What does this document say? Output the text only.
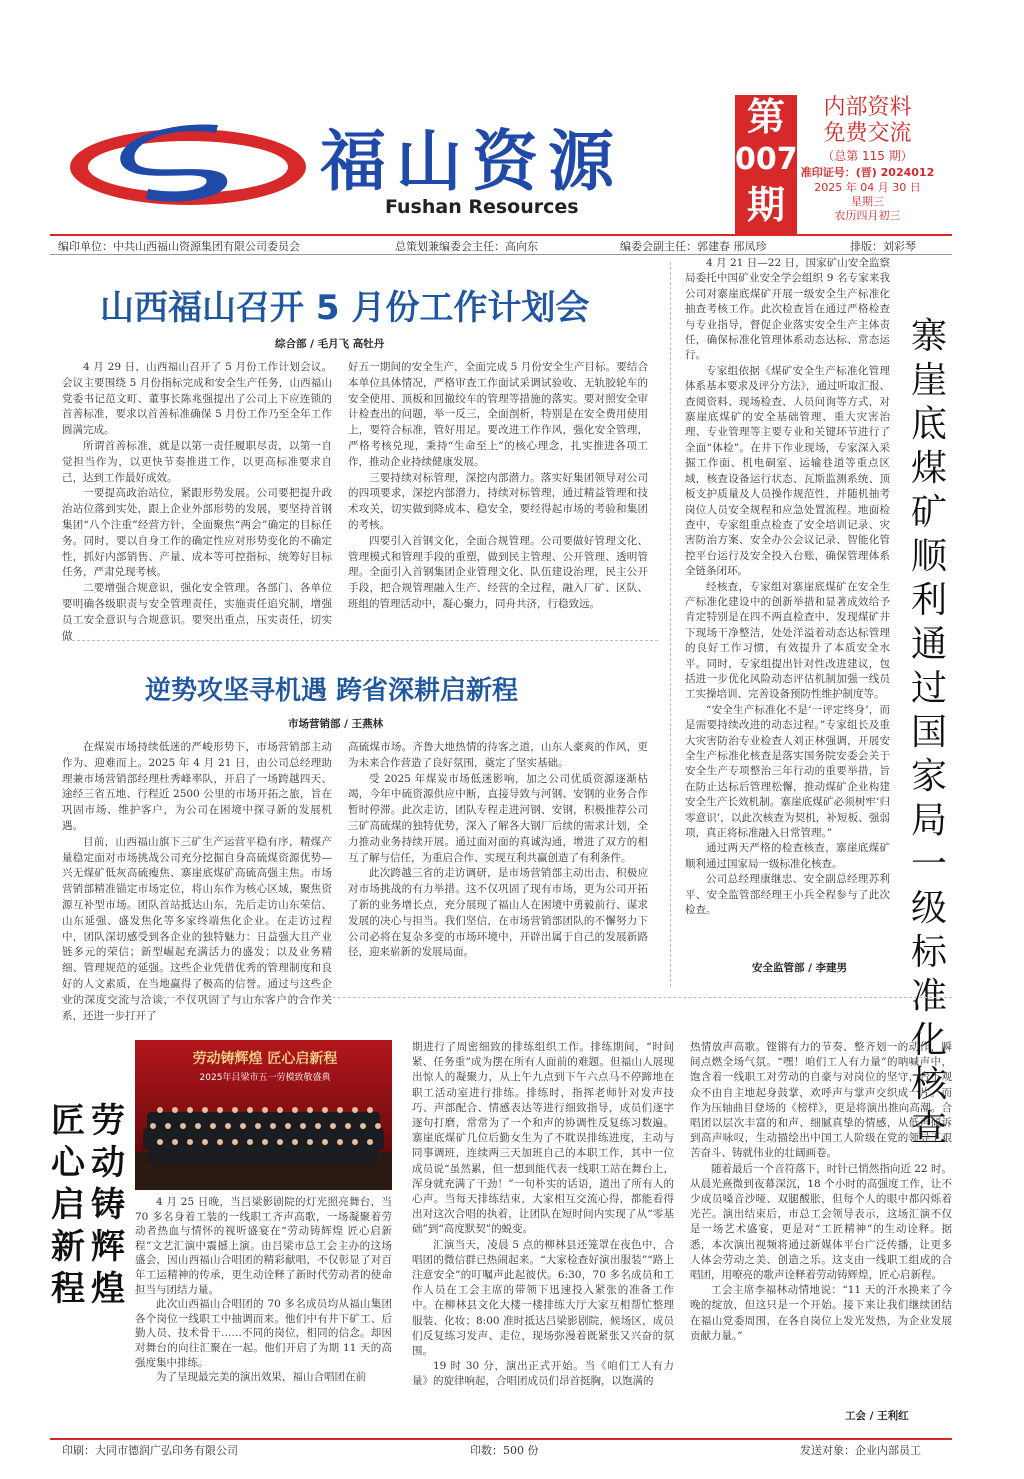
福山资源
Fushan Resources
第
007
期
内部资料
免费交流
（总第 115 期）
准印证号：(晋) 2024012
2025 年 04 月 30 日
星期三
农历四月初三
编印单位：中共山西福山资源集团有限公司委员会	总策划兼编委会主任：高向东	编委会副主任：郭建春 邢凤珍	排版：刘彩琴
山西福山召开 5 月份工作计划会
综合部 / 毛月飞 高牡丹

4 月 29 日，山西福山召开了 5 月份工作计划会议。会议主要围绕 5 月份指标完成和安全生产任务，山西福山党委书记范文町、董事长陈兆强提出了公司上下应连锁的首善标准，要求以首善标准确保 5 月份工作乃至全年工作圆满完成。

所谓首善标准，就是以第一责任履职尽责，以第一自觉担当作为，以更快节奏推进工作，以更高标准要求自己，达到工作最好成效。

一要提高政治站位，紧跟形势发展。公司要把提升政治站位落到实处，跟上企业外部形势的发展，要坚持首钢集团“八个注重”经营方针，全面聚焦“两会”确定的目标任务。同时，要以自身工作的确定性应对形势变化的不确定性，抓好内部销售、产量、成本等可控指标，统筹好目标任务，严肃兑现考核。

二要增强合规意识，强化安全管理。各部门、各单位要明确各级职责与安全管理责任，实施责任追究制，增强员工安全意识与合规意识。要突出重点，压实责任，切实做

好五一期间的安全生产，全面完成 5 月份安全生产目标。要结合本单位具体情况，严格审查工作面试采调试验收、无轨胶轮车的安全使用、顶板和回撤绞车的管理等措施的落实。要对照安全审计检查出的问题，举一反三，全面剖析，特别是在安全费用使用上，要符合标准，管好用足。要改进工作作风，强化安全管理，严格考核兑现，秉持“生命至上”的核心理念，扎实推进各项工作，推动企业持续健康发展。

三要持续对标管理，深挖内部潜力。落实好集团领导对公司的四项要求，深挖内部潜力，持续对标管理，通过精益管理和技术攻关，切实做到降成本、稳安全，要经得起市场的考验和集团的考核。

四要引入首钢文化，全面合规管理。公司要做好管理文化、管理模式和管理手段的重塑，做到民主管理、公开管理、透明管理。全面引入首钢集团企业管理文化、队伍建设治理，民主公开手段，把合规管理融入生产、经营的全过程，融入厂矿、区队、班组的管理活动中，凝心聚力，同舟共济，行稳致远。

逆势攻坚寻机遇 跨省深耕启新程
市场营销部 / 王燕林

在煤炭市场持续低迷的严峻形势下，市场营销部主动作为、迎难而上。2025 年 4 月 21 日，由公司总经理助理兼市场营销部经理杜秀峰率队，开启了一场跨越四天、途经三省五地、行程近 2500 公里的市场开拓之旅，旨在巩固市场、维护客户，为公司在困境中探寻新的发展机遇。

目前，山西福山旗下三矿生产运营平稳有序，精煤产量稳定面对市场挑战公司充分挖掘自身高硫煤资源优势—兴无煤矿低灰高硫瘦焦、寨崖底煤矿高硫高强主焦。市场营销部精准锚定市场定位，将山东作为核心区域，聚焦资源互补型市场。团队首站抵达山东，先后走访山东荣信、山东延强、盛发焦化等多家终端焦化企业。在走访过程中，团队深切感受到各企业的独特魅力：日益强大且产业链多元的荣信；新型崛起充满活力的盛发；以及业务精细、管理规范的延强。这些企业凭借优秀的管理制度和良好的人文素质，在当地赢得了极高的信誉。通过与这些企业的深度交流与洽谈，不仅巩固了与山东客户的合作关系，还进一步打开了

高硫煤市场。齐鲁大地热情的待客之道，山东人豪爽的作风，更为未来合作营造了良好氛围，奠定了坚实基础。

受 2025 年煤炭市场低迷影响，加之公司优质资源逐渐枯竭，今年中硫资源供应中断，直接导致与河钢、安钢的业务合作暂时停滞。此次走访，团队专程走进河钢、安钢，积极推荐公司三矿高硫煤的独特优势，深入了解各大钢厂后续的需求计划，全力推动业务持续开展。通过面对面的真诚沟通，增进了双方的相互了解与信任，为重启合作、实现互利共赢创造了有利条件。

此次跨越三省的走访调研，是市场营销部主动出击、积极应对市场挑战的有力举措。这不仅巩固了现有市场，更为公司开拓了新的业务增长点，充分展现了福山人在困境中勇毅前行、谋求发展的决心与担当。我们坚信，在市场营销部团队的不懈努力下公司必将在复杂多变的市场环境中，开辟出属于自己的发展新路径，迎来崭新的发展局面。

4 月 21 日—22 日，国家矿山安全监察局委托中国矿业安全学会组织 9 名专家来我公司对寨崖底煤矿开展一级安全生产标准化抽查考核工作。此次检查旨在通过严格检查与专业指导，督促企业落实安全生产主体责任，确保标准化管理体系动态达标、常态运行。

专家组依据《煤矿安全生产标准化管理体系基本要求及评分方法》，通过听取汇报、查阅资料、现场检查、人员问询等方式，对寨崖底煤矿的安全基础管理、重大灾害治理、专业管理等主要专业和关键环节进行了全面“体检”。在井下作业现场，专家深入采掘工作面、机电硐室、运输巷道等重点区域，核查设备运行状态、瓦斯监测系统、顶板支护质量及人员操作规范性，并随机抽考岗位人员安全规程和应急处置流程。地面检查中，专家组重点检查了安全培训记录、灾害防治方案、安全办公会议记录、智能化管控平台运行及安全投入台账，确保管理体系全链条闭环。

经核查，专家组对寨崖底煤矿在安全生产标准化建设中的创新举措和显著成效给予肯定特别是在四不两直检查中，发现煤矿井下现场干净整洁，处处洋溢着动态达标管理的良好工作习惯，有效提升了本质安全水平。同时，专家组提出针对性改进建议，包括进一步优化风险动态评估机制加强一线员工实操培训、完善设备预防性维护制度等。

“安全生产标准化不是‘一评定终身’，而是需要持续改进的动态过程。”专家组长及重大灾害防治专业检查人刘正林强调，开展安全生产标准化核查是落实国务院安委会关于安全生产专项整治三年行动的重要举措，旨在防止达标后管理松懈，推动煤矿企业构建安全生产长效机制。寨崖底煤矿必须树牢‘归零意识’，以此次核查为契机，补短板、强弱项，真正将标准融入日常管理。”

通过两天严格的检查核查，寨崖底煤矿顺利通过国家局一级标准化核查。

公司总经理康继忠、安全副总经理苏利平、安全监管部经理王小兵全程参与了此次检查。

寨崖底煤矿顺利通过国家局一级标准化核查
安全监管部 / 李建男
劳动铸辉煌
匠心启新程
劳动铸辉煌 匠心启新程
2025年吕梁市五一劳模致敬盛典

4 月 25 日晚，当吕梁影剧院的灯光照亮舞台，当 70 多名身着工装的一线职工齐声高歌，一场凝聚着劳动者热血与情怀的视听盛宴在“劳动铸辉煌 匠心启新程”文艺汇演中震撼上演。由吕梁市总工会主办的这场盛会，因山西福山合唱团的精彩献唱，不仅彰显了对百年工运精神的传承，更生动诠释了新时代劳动者的使命担当与团结力量。

此次山西福山合唱团的 70 多名成员均从福山集团各个岗位一线职工中抽调而来。他们中有井下矿工、后勤人员、技术骨干……不同的岗位，相同的信念。却因对舞台的向往汇聚在一起。他们开启了为期 11 天的高强度集中排练。

为了呈现最完美的演出效果，福山合唱团在前

期进行了周密细致的排练组织工作。排练期间，“时间紧、任务重”成为摆在所有人面前的难题。但福山人展现出惊人的凝聚力，从上午九点到下午六点马不停蹄地在职工活动室进行排练。排练时，指挥老师针对发声技巧、声部配合、情感表达等进行细致指导，成员们逐字逐句打磨，常常为了一个和声的协调性反复练习数遍。寨崖底煤矿几位后勤女生为了不耽误排练进度，主动与同事调班，连续两三天加班自己的本职工作，其中一位成员说“虽然累，但一想到能代表一线职工站在舞台上，浑身就充满了干劲！”一句朴实的话语，道出了所有人的心声。当每天排练结束，大家相互交流心得，都能看得出对这次合唱的执着，让团队在短时间内实现了从“零基础”到“高度默契”的蜕变。

汇演当天，凌晨 5 点的柳林县还笼罩在夜色中，合唱团的微信群已热闹起来。“大家检查好演出服装”“路上注意安全”的叮嘱声此起彼伏。6:30，70 多名成员和工作人员在工会主席的带领下迅速投入紧张的准备工作中。在柳林县文化大楼一楼排练大厅大家互相帮忙整理服装、化妆；8:00 准时抵达吕梁影剧院，候场区，成员们反复练习发声、走位，现场弥漫着既紧张又兴奋的氛围。

19 时 30 分，演出正式开始。当《咱们工人有力量》的旋律响起，合唱团成员们昂首挺胸，以饱满的

热情放声高歌。铿锵有力的节奏、整齐划一的动作，瞬间点燃全场气氛。“嘿！咱们工人有力量”的呐喊声中，饱含着一线职工对劳动的自豪与对岗位的坚守，台下观众不由自主地起身鼓掌，欢呼声与掌声交织成一片。而作为压轴曲目登场的《榜样》，更是将演出推向高潮。合唱团以层次丰富的和声、细腻真挚的情感，从低声倾诉到高声咏叹，生动描绘出中国工人阶级在党的领导下艰苦奋斗、铸就伟业的壮阔画卷。

随着最后一个音符落下，时针已悄然指向近 22 时。从晨光熹微到夜幕深沉，18 个小时的高强度工作，让不少成员嗓音沙哑、双腿酸胀，但每个人的眼中都闪烁着光芒。演出结束后，市总工会领导表示，这场汇演不仅是一场艺术盛宴，更是对“工匠精神”的生动诠释。据悉，本次演出视频将通过新媒体平台广泛传播，让更多人体会劳动之美、创造之乐。这支由一线职工组成的合唱团，用嘹亮的歌声诠释着劳动铸辉煌，匠心启新程。

工会主席李福林动情地说：“11 天的汗水换来了今晚的绽放，但这只是一个开始。接下来让我们继续团结在福山党委周围，在各自岗位上发光发热，为企业发展贡献力量。”

工会 / 王利红
印刷：大同市德润广弘印务有限公司	印数：500 份	发送对象：企业内部员工
